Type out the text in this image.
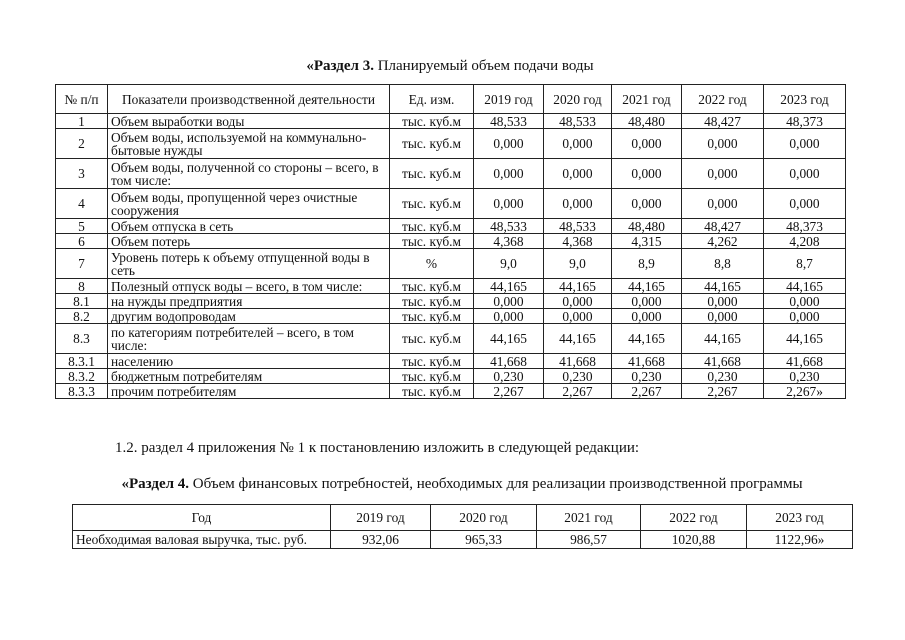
«Раздел 3. Планируемый объем подачи воды
№ п/п	Показатели производственной деятельности	Ед. изм.	2019 год	2020 год	2021 год	2022 год	2023 год
1	Объем выработки воды	тыс. куб.м	48,533	48,533	48,480	48,427	48,373
2	Объем воды, используемой на коммунально-бытовые нужды	тыс. куб.м	0,000	0,000	0,000	0,000	0,000
3	Объем воды, полученной со стороны – всего, в том числе:	тыс. куб.м	0,000	0,000	0,000	0,000	0,000
4	Объем воды, пропущенной через очистные сооружения	тыс. куб.м	0,000	0,000	0,000	0,000	0,000
5	Объем отпуска в сеть	тыс. куб.м	48,533	48,533	48,480	48,427	48,373
6	Объем потерь	тыс. куб.м	4,368	4,368	4,315	4,262	4,208
7	Уровень потерь к объему отпущенной воды в сеть	%	9,0	9,0	8,9	8,8	8,7
8	Полезный отпуск воды – всего, в том числе:	тыс. куб.м	44,165	44,165	44,165	44,165	44,165
8.1	на нужды предприятия	тыс. куб.м	0,000	0,000	0,000	0,000	0,000
8.2	другим водопроводам	тыс. куб.м	0,000	0,000	0,000	0,000	0,000
8.3	по категориям потребителей – всего, в том числе:	тыс. куб.м	44,165	44,165	44,165	44,165	44,165
8.3.1	населению	тыс. куб.м	41,668	41,668	41,668	41,668	41,668
8.3.2	бюджетным потребителям	тыс. куб.м	0,230	0,230	0,230	0,230	0,230
8.3.3	прочим потребителям	тыс. куб.м	2,267	2,267	2,267	2,267	2,267»
1.2. раздел 4 приложения № 1 к постановлению изложить в следующей редакции:
«Раздел 4. Объем финансовых потребностей, необходимых для реализации производственной программы
Год	2019 год	2020 год	2021 год	2022 год	2023 год
Необходимая валовая выручка, тыс. руб.	932,06	965,33	986,57	1020,88	1122,96»
